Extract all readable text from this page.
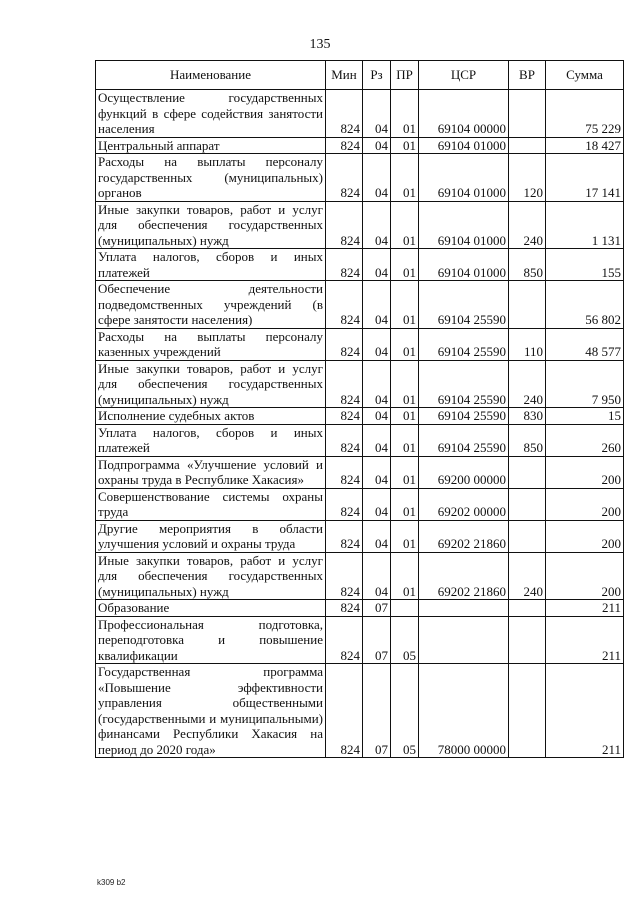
135
Наименование	Мин	Рз	ПР	ЦСР	ВР	Сумма
Осуществление государственных функций в сфере содействия занятости населения	824	04	01	69104 00000		75 229
Центральный аппарат	824	04	01	69104 01000		18 427
Расходы на выплаты персоналу государственных (муниципальных) органов	824	04	01	69104 01000	120	17 141
Иные закупки товаров, работ и услуг для обеспечения государственных (муниципальных) нужд	824	04	01	69104 01000	240	1 131
Уплата налогов, сборов и иных платежей	824	04	01	69104 01000	850	155
Обеспечение деятельности подведомственных учреждений (в сфере занятости населения)	824	04	01	69104 25590		56 802
Расходы на выплаты персоналу казенных учреждений	824	04	01	69104 25590	110	48 577
Иные закупки товаров, работ и услуг для обеспечения государственных (муниципальных) нужд	824	04	01	69104 25590	240	7 950
Исполнение судебных актов	824	04	01	69104 25590	830	15
Уплата налогов, сборов и иных платежей	824	04	01	69104 25590	850	260
Подпрограмма «Улучшение условий и охраны труда в Республике Хакасия»	824	04	01	69200 00000		200
Совершенствование системы охраны труда	824	04	01	69202 00000		200
Другие мероприятия в области улучшения условий и охраны труда	824	04	01	69202 21860		200
Иные закупки товаров, работ и услуг для обеспечения государственных (муниципальных) нужд	824	04	01	69202 21860	240	200
Образование	824	07				211
Профессиональная подготовка, переподготовка и повышение квалификации	824	07	05			211
Государственная программа «Повышение эффективности управления общественными (государственными и муниципальными) финансами Республики Хакасия на период до 2020 года»	824	07	05	78000 00000		211
k309 b2
